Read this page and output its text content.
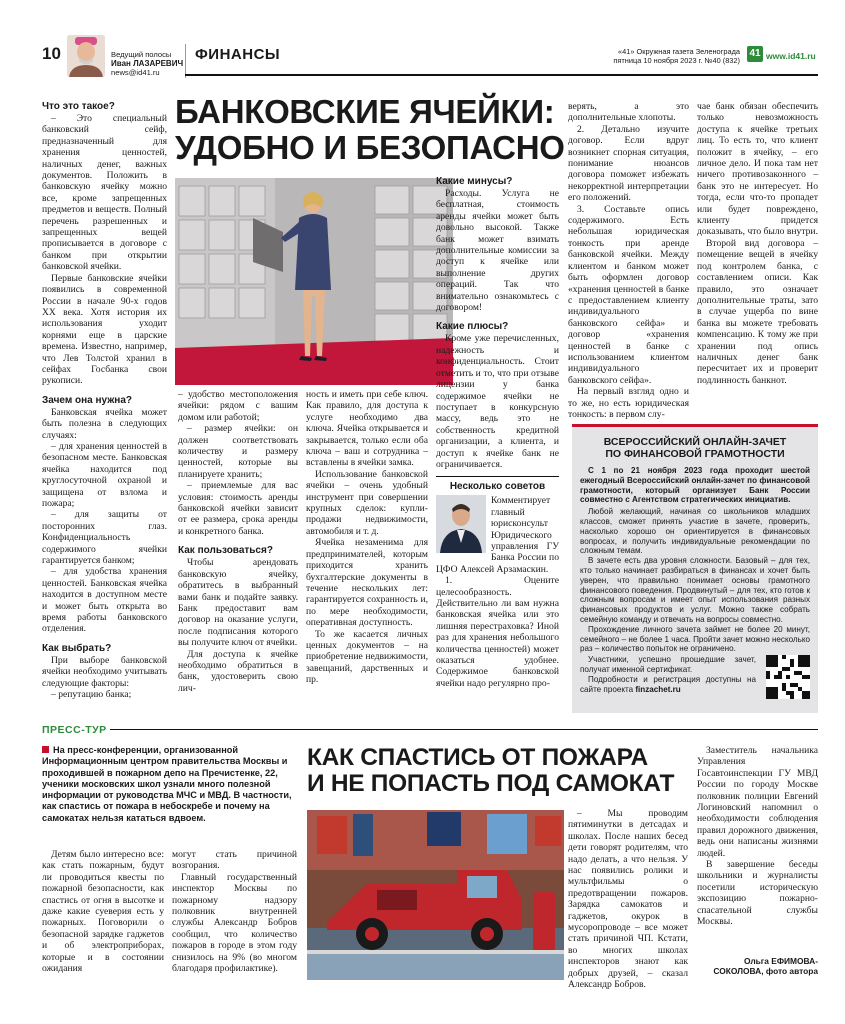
10	Ведущий полосы
Иван ЛАЗАРЕВИЧ
news@id41.ru
ФИНАНСЫ	«41» Окружная газета Зеленограда
пятница 10 ноября 2023 г. №40 (832)
41 www.id41.ru
Что это такое?

– Это специальный банковский сейф, предназначенный для хранения ценностей, наличных денег, важных документов. Положить в банковскую ячейку можно все, кроме запрещенных предметов и веществ. Полный перечень разрешенных и запрещенных вещей прописывается в договоре с банком при открытии банковской ячейки.

Первые банковские ячейки появились в современной России в начале 90-х годов XX века. Хотя история их использования уходит корнями еще в царские времена. Известно, например, что Лев Толстой хранил в сейфах Госбанка свои рукописи.

Зачем она нужна?

Банковская ячейка может быть полезна в следующих случаях:

– для хранения ценностей в безопасном месте. Банковская ячейка находится под круглосуточной охраной и защищена от взлома и пожара;

– для защиты от посторонних глаз. Конфиденциальность содержимого ячейки гарантируется банком;

– для удобства хранения ценностей. Банковская ячейка находится в доступном месте и может быть открыта во время работы банковского отделения.

Как выбрать?

При выборе банковской ячейки необходимо учитывать следующие факторы:

– репутацию банка;

БАНКОВСКИЕ ЯЧЕЙКИ:
УДОБНО И БЕЗОПАСНО

– удобство местоположения ячейки: рядом с вашим домом или работой;

– размер ячейки: он должен соответствовать количеству и размеру ценностей, которые вы планируете хранить;

– приемлемые для вас условия: стоимость аренды банковской ячейки зависит от ее размера, срока аренды и конкретного банка.

Как пользоваться?

Чтобы арендовать банковскую ячейку, обратитесь в выбранный вами банк и подайте заявку. Банк предоставит вам договор на оказание услуги, после подписания которого вы получите ключ от ячейки.

Для доступа к ячейке необходимо обратиться в банк, удостоверить свою лич-

ность и иметь при себе ключ. Как правило, для доступа к услуге необходимо два ключа. Ячейка открывается и закрывается, только если оба ключа – ваш и сотрудника – вставлены в ячейки замка.

Использование банковской ячейки – очень удобный инструмент при совершении крупных сделок: купли-продажи недвижимости, автомобиля и т. д.

Ячейка незаменима для предпринимателей, которым приходится хранить бухгалтерские документы в течение нескольких лет: гарантируется сохранность и, по мере необходимости, оперативная доступность.

То же касается личных ценных документов – на приобретение недвижимости, завещаний, дарственных и пр.

Какие минусы?

Расходы. Услуга не бесплатная, стоимость аренды ячейки может быть довольно высокой. Также банк может взимать дополнительные комиссии за доступ к ячейке или выполнение других операций. Так что внимательно ознакомьтесь с договором!

Какие плюсы?

Кроме уже перечисленных, надежность и конфиденциальность. Стоит отметить и то, что при отзыве лицензии у банка содержимое ячейки не поступает в конкурсную массу, ведь это не собственность кредитной организации, а клиента, и доступ к ячейке банк не ограничивается.

Несколько советов

Комментирует главный юрисконсульт Юридического управления ГУ Банка России по ЦФО Алексей Арзамаскин.

1. Оцените целесообразность. Действительно ли вам нужна банковская ячейка или это лишняя перестраховка? Иной раз для хранения небольшого количества ценностей) может оказаться удобнее. Содержимое банковской ячейки надо регулярно про-

верять, а это дополнительные хлопоты.

2. Детально изучите договор. Если вдруг возникнет спорная ситуация, понимание нюансов договора поможет избежать некорректной интерпретации его положений.

3. Составьте опись содержимого. Есть небольшая юридическая тонкость при аренде банковской ячейки. Между клиентом и банком может быть оформлен договор «хранения ценностей в банке с предоставлением клиенту индивидуального банковского сейфа» и договор «хранения ценностей в банке с использованием клиентом индивидуального банковского сейфа».

На первый взгляд одно и то же, но есть юридическая тонкость: в первом слу-

чае банк обязан обеспечить только невозможность доступа к ячейке третьих лиц. То есть то, что клиент положит в ячейку, – его личное дело. И пока там нет ничего противозаконного – банк это не интересует. Но тогда, если что-то пропадет или будет повреждено, клиенту придется доказывать, что было внутри.

Второй вид договора – помещение вещей в ячейку под контролем банка, с составлением описи. Как правило, это означает дополнительные траты, зато в случае ущерба по вине банка вы можете требовать компенсацию. К тому же при хранении под опись наличных денег банк пересчитает их и проверит подлинность банкнот.

ВСЕРОССИЙСКИЙ ОНЛАЙН-ЗАЧЕТ
ПО ФИНАНСОВОЙ ГРАМОТНОСТИ

С 1 по 21 ноября 2023 года проходит шестой ежегодный Всероссийский онлайн-зачет по финансовой грамотности, который организует Банк России совместно с Агентством стратегических инициатив.

Любой желающий, начиная со школьников младших классов, сможет принять участие в зачете, проверить, насколько хорошо он ориентируется в финансовых вопросах, и получить индивидуальные рекомендации по сложным темам.

В зачете есть два уровня сложности. Базовый – для тех, кто только начинает разбираться в финансах и хочет быть уверен, что правильно понимает основы грамотного финансового поведения. Продвинутый – для тех, кто готов к сложным вопросам и имеет опыт использования разных финансовых продуктов и услуг. Можно также собрать семейную команду и отвечать на вопросы совместно.

Прохождение личного зачета займет не более 20 минут, семейного – не более 1 часа. Пройти зачет можно несколько раз – количество попыток не ограничено.

Участники, успешно прошедшие зачет, получат именной сертификат.

Подробности и регистрация доступны на сайте проекта finzachet.ru

ПРЕСС-ТУР
На пресс-конференции, организованной Информационным центром правительства Москвы и проходившей в пожарном депо на Пречистенке, 22, ученики московских школ узнали много полезной информации от руководства МЧС и МВД. В частности, как спастись от пожара в небоскребе и почему на самокатах нельзя кататься вдвоем.
КАК СПАСТИСЬ ОТ ПОЖАРА
И НЕ ПОПАСТЬ ПОД САМОКАТ

Детям было интересно все: как стать пожарным, будут ли проводиться квесты по пожарной безопасности, как спастись от огня в высотке и даже какие суеверия есть у пожарных. Поговорили о безопасной зарядке гаджетов и об электроприборах, которые и в состоянии ожидания

могут стать причиной возгорания.

Главный государственный инспектор Москвы по пожарному надзору полковник внутренней службы Александр Бобров сообщил, что количество пожаров в городе в этом году снизилось на 9% (во многом благодаря профилактике).

– Мы проводим пятиминутки в детсадах и школах. После наших бесед дети говорят родителям, что надо делать, а что нельзя. У нас появились ролики и мультфильмы о предотвращении пожаров. Зарядка самокатов и гаджетов, окурок в мусоропроводе – все может стать причиной ЧП. Кстати, во многих школах инспекторов знают как добрых друзей, – сказал Александр Бобров.

Заместитель начальника Управления Госавтоинспекции ГУ МВД России по городу Москве полковник полиции Евгений Логиновский напомнил о необходимости соблюдения правил дорожного движения, ведь они написаны жизнями людей.

В завершение беседы школьники и журналисты посетили историческую экспозицию пожарно-спасательной службы Москвы.

Ольга ЕФИМОВА-
СОКОЛОВА, фото автора
